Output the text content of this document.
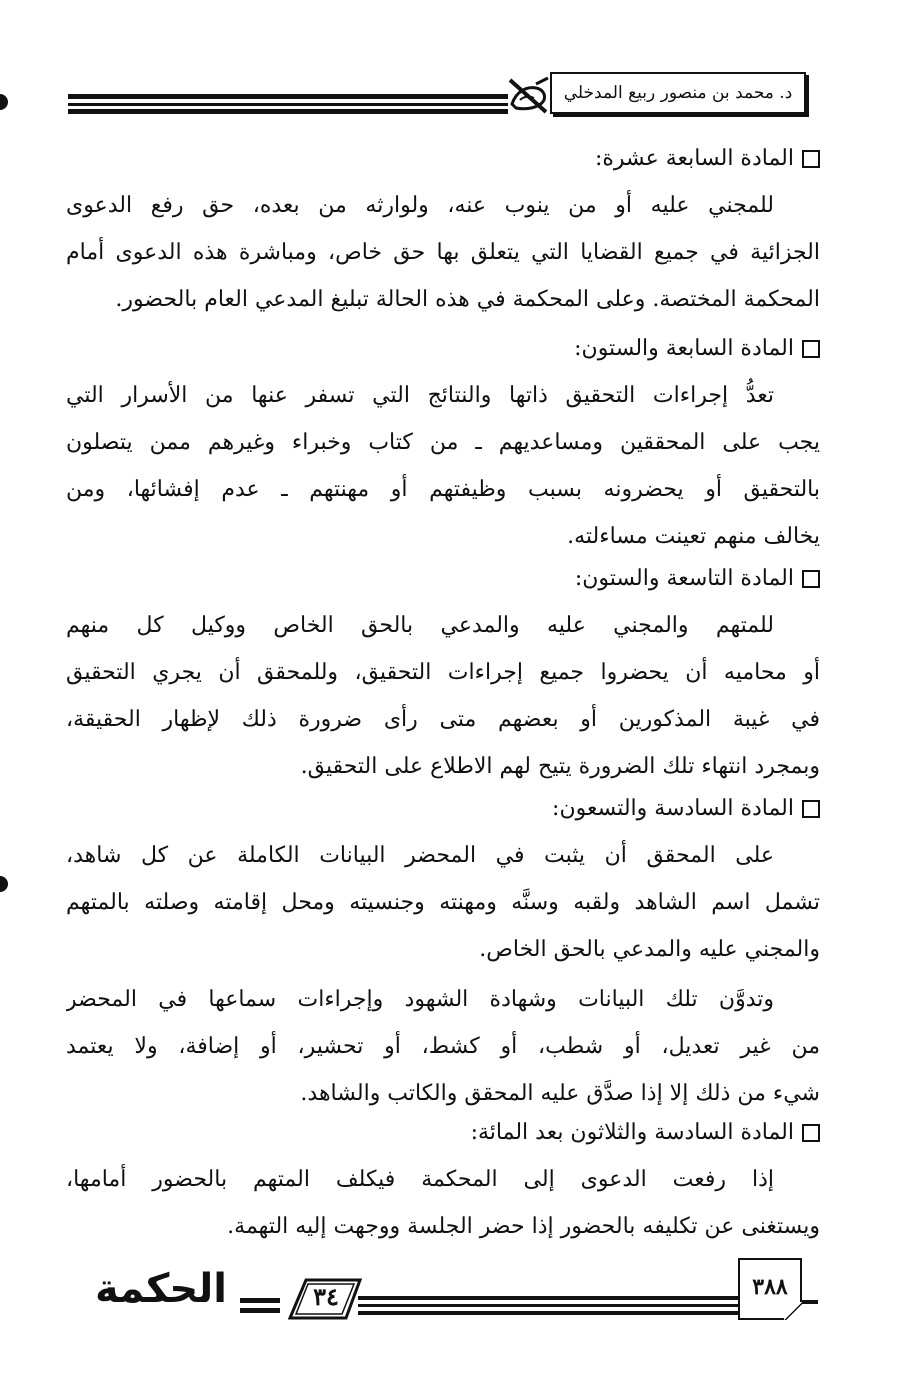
د. محمد بن منصور ربيع المدخلي
المادة السابعة عشرة:
للمجني عليه أو من ينوب عنه، ولوارثه من بعده، حق رفع الدعوى
الجزائية في جميع القضايا التي يتعلق بها حق خاص، ومباشرة هذه الدعوى أمام
المحكمة المختصة. وعلى المحكمة في هذه الحالة تبليغ المدعي العام بالحضور.
المادة السابعة والستون:
تعدُّ إجراءات التحقيق ذاتها والنتائج التي تسفر عنها من الأسرار التي
يجب على المحققين ومساعديهم ـ من كتاب وخبراء وغيرهم ممن يتصلون
بالتحقيق أو يحضرونه بسبب وظيفتهم أو مهنتهم ـ عدم إفشائها، ومن
يخالف منهم تعينت مساءلته.
المادة التاسعة والستون:
للمتهم والمجني عليه والمدعي بالحق الخاص ووكيل كل منهم
أو محاميه أن يحضروا جميع إجراءات التحقيق، وللمحقق أن يجري التحقيق
في غيبة المذكورين أو بعضهم متى رأى ضرورة ذلك لإظهار الحقيقة،
وبمجرد انتهاء تلك الضرورة يتيح لهم الاطلاع على التحقيق.
المادة السادسة والتسعون:
على المحقق أن يثبت في المحضر البيانات الكاملة عن كل شاهد،
تشمل اسم الشاهد ولقبه وسنَّه ومهنته وجنسيته ومحل إقامته وصلته بالمتهم
والمجني عليه والمدعي بالحق الخاص.
وتدوَّن تلك البيانات وشهادة الشهود وإجراءات سماعها في المحضر
من غير تعديل، أو شطب، أو كشط، أو تحشير، أو إضافة، ولا يعتمد
شيء من ذلك إلا إذا صدَّق عليه المحقق والكاتب والشاهد.
المادة السادسة والثلاثون بعد المائة:
إذا رفعت الدعوى إلى المحكمة فيكلف المتهم بالحضور أمامها،
ويستغنى عن تكليفه بالحضور إذا حضر الجلسة ووجهت إليه التهمة.
٣٨٨
٣٤
الحكمة
